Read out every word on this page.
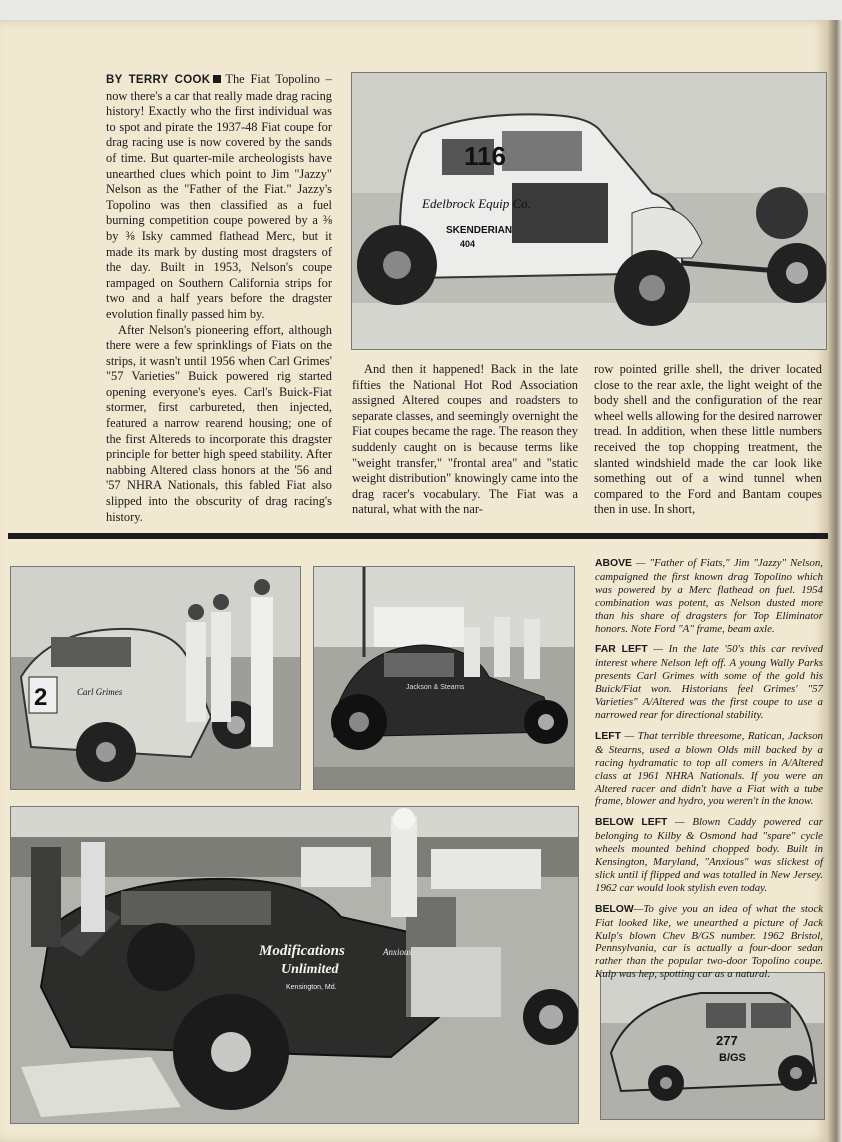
BY TERRY COOK The Fiat Topolino – now there's a car that really made drag racing history! Exactly who the first individual was to spot and pirate the 1937-48 Fiat coupe for drag racing use is now covered by the sands of time. But quarter-mile archeologists have unearthed clues which point to Jim "Jazzy" Nelson as the "Father of the Fiat." Jazzy's Topolino was then classified as a fuel burning competition coupe powered by a ⅜ by ⅜ Isky cammed flathead Merc, but it made its mark by dusting most dragsters of the day. Built in 1953, Nelson's coupe rampaged on Southern California strips for two and a half years before the dragster evolution finally passed him by.

After Nelson's pioneering effort, although there were a few sprinklings of Fiats on the strips, it wasn't until 1956 when Carl Grimes' "57 Varieties" Buick powered rig started opening everyone's eyes. Carl's Buick-Fiat stormer, first carbureted, then injected, featured a narrow rearend housing; one of the first Altereds to incorporate this dragster principle for better high speed stability. After nabbing Altered class honors at the '56 and '57 NHRA Nationals, this fabled Fiat also slipped into the obscurity of drag racing's history.

116
Edelbrock Equip Co.
SKENDERIAN
404

And then it happened! Back in the late fifties the National Hot Rod Association assigned Altered coupes and roadsters to separate classes, and seemingly overnight the Fiat coupes became the rage. The reason they suddenly caught on is because terms like "weight transfer," "frontal area" and "static weight distribution" knowingly came into the drag racer's vocabulary. The Fiat was a natural, what with the nar-

row pointed grille shell, the driver located close to the rear axle, the light weight of the body shell and the configuration of the rear wheel wells allowing for the desired narrower tread. In addition, when these little numbers received the top chopping treatment, the slanted windshield made the car look like something out of a wind tunnel when compared to the Ford and Bantam coupes then in use. In short,

2	Carl Grimes	Jackson & Stearns
Modifications
Unlimited
Kensington, Md.
Anxious
277
B/GS

ABOVE — "Father of Fiats," Jim "Jazzy" Nelson, campaigned the first known drag Topolino which was powered by a Merc flathead on fuel. 1954 combination was potent, as Nelson dusted more than his share of dragsters for Top Eliminator honors. Note Ford "A" frame, beam axle.

FAR LEFT — In the late '50's this car revived interest where Nelson left off. A young Wally Parks presents Carl Grimes with some of the gold his Buick/Fiat won. Historians feel Grimes' "57 Varieties" A/Altered was the first coupe to use a narrowed rear for directional stability.

LEFT — That terrible threesome, Ratican, Jackson & Stearns, used a blown Olds mill backed by a racing hydramatic to top all comers in A/Altered class at 1961 NHRA Nationals. If you were an Altered racer and didn't have a Fiat with a tube frame, blower and hydro, you weren't in the know.

BELOW LEFT — Blown Caddy powered car belonging to Kilby & Osmond had "spare" cycle wheels mounted behind chopped body. Built in Kensington, Maryland, "Anxious" was slickest of slick until if flipped and was totalled in New Jersey. 1962 car would look stylish even today.

BELOW—To give you an idea of what the stock Fiat looked like, we unearthed a picture of Jack Kulp's blown Chev B/GS number. 1962 Bristol, Pennsylvania, car is actually a four-door sedan rather than the popular two-door Topolino coupe. Kulp was hep, spotting car as a natural.
